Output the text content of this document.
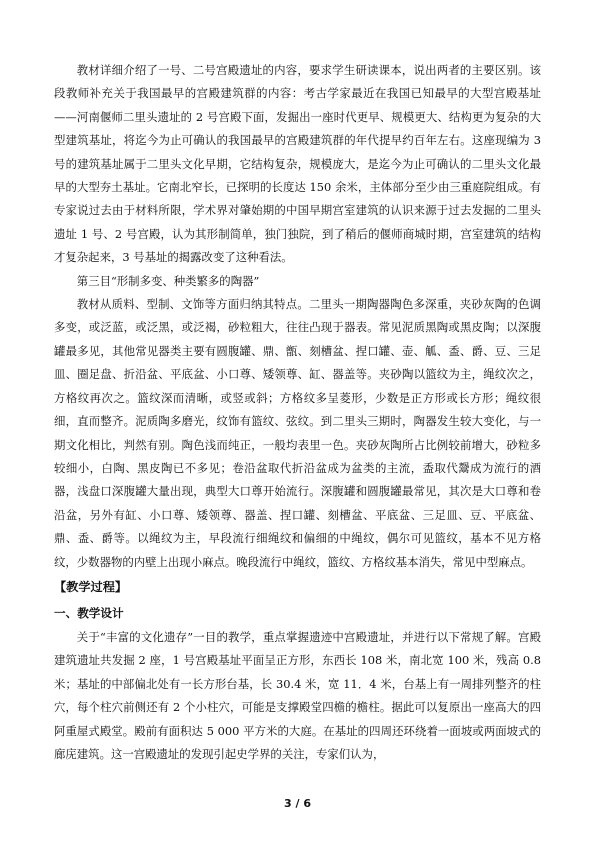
教材详细介绍了一号、二号宫殿遗址的内容，要求学生研读课本，说出两者的主要区别。该段教师补充关于我国最早的宫殿建筑群的内容：考古学家最近在我国已知最早的大型宫殿基址——河南偃师二里头遗址的 2 号宫殿下面，发掘出一座时代更早、规模更大、结构更为复杂的大型建筑基址，将迄今为止可确认的我国最早的宫殿建筑群的年代提早约百年左右。这座现编为 3 号的建筑基址属于二里头文化早期，它结构复杂，规模庞大，是迄今为止可确认的二里头文化最早的大型夯土基址。它南北窄长，已探明的长度达 150 余米，主体部分至少由三重庭院组成。有专家说过去由于材料所限，学术界对肇始期的中国早期宫室建筑的认识来源于过去发掘的二里头遗址 1 号、2 号宫殿，认为其形制简单，独门独院，到了稍后的偃师商城时期，宫室建筑的结构才复杂起来，3 号基址的揭露改变了这种看法。

第三目“形制多变、种类繁多的陶器”

教材从质料、型制、文饰等方面归纳其特点。二里头一期陶器陶色多深重，夹砂灰陶的色调多变，或泛蓝，或泛黑，或泛褐，砂粒粗大，往往凸现于器表。常见泥质黑陶或黑皮陶；以深腹罐最多见，其他常见器类主要有圆腹罐、鼎、甑、刻槽盆、捏口罐、壶、觚、盉、爵、豆、三足皿、圈足盘、折沿盆、平底盆、小口尊、矮领尊、缸、器盖等。夹砂陶以篮纹为主，绳纹次之，方格纹再次之。篮纹深而清晰，或竖或斜；方格纹多呈菱形，少数是正方形或长方形；绳纹很细，直而整齐。泥质陶多磨光，纹饰有篮纹、弦纹。到二里头三期时，陶器发生较大变化，与一期文化相比，判然有别。陶色浅而纯正，一般均表里一色。夹砂灰陶所占比例较前增大，砂粒多较细小，白陶、黑皮陶已不多见；卷沿盆取代折沿盆成为盆类的主流，盉取代鬶成为流行的酒器，浅盘口深腹罐大量出现，典型大口尊开始流行。深腹罐和圆腹罐最常见，其次是大口尊和卷沿盆，另外有缸、小口尊、矮领尊、器盖、捏口罐、刻槽盆、平底盆、三足皿、豆、平底盆、鼎、盉、爵等。以绳纹为主，早段流行细绳纹和偏细的中绳纹，偶尔可见篮纹，基本不见方格纹，少数器物的内壁上出现小麻点。晚段流行中绳纹，篮纹、方格纹基本消失，常见中型麻点。

【教学过程】

一、教学设计

关于“丰富的文化遗存”一目的教学，重点掌握遗迹中宫殿遗址，并进行以下常规了解。宫殿建筑遗址共发掘 2 座，1 号宫殿基址平面呈正方形，东西长 108 米，南北宽 100 米，残高 0.8 米；基址的中部偏北处有一长方形台基，长 30.4 米，宽 11．4 米，台基上有一周排列整齐的柱穴，每个柱穴前侧还有 2 个小柱穴，可能是支撑殿堂四檐的檐柱。据此可以复原出一座高大的四阿重屋式殿堂。殿前有面积达 5 000 平方米的大庭。在基址的四周还环绕着一面坡或两面坡式的廊庑建筑。这一宫殿遗址的发现引起史学界的关注，专家们认为，

3 / 6
